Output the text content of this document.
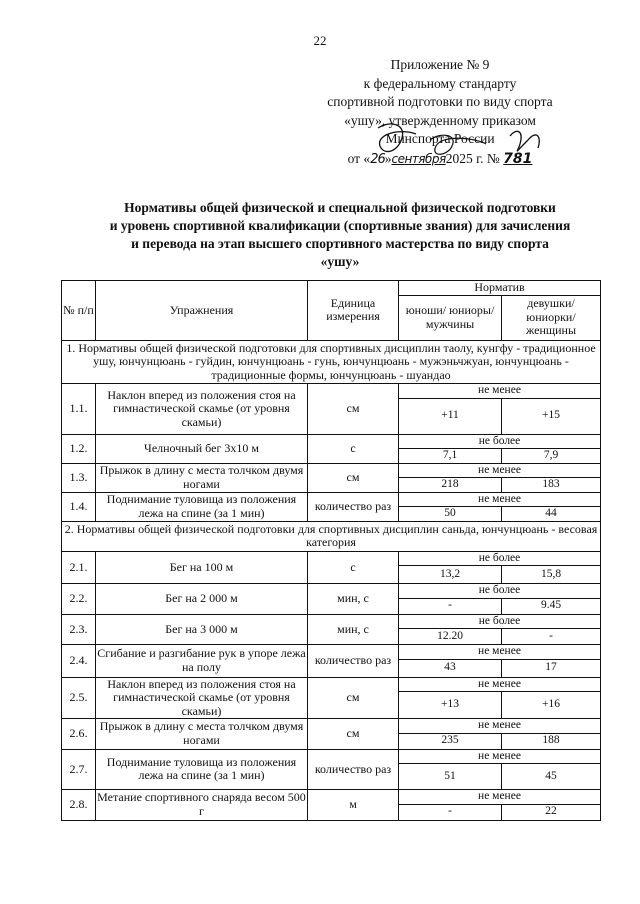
22
Приложение № 9
к федеральному стандарту
спортивной подготовки по виду спорта
«ушу», утвержденному приказом
Минспорта России
от «26»сентября2025 г. № 781
Нормативы общей физической и специальной физической подготовки
и уровень спортивной квалификации (спортивные звания) для зачисления
и перевода на этап высшего спортивного мастерства по виду спорта
«ушу»
№ п/п	Упражнения	Единица измерения	Норматив	
			юноши/ юниоры/ мужчины	девушки/ юниорки/ женщины
1. Нормативы общей физической подготовки для спортивных дисциплин таолу, кунгфу - традиционное ушу, юнчунцюань - гуйдин, юнчунцюань - гунь, юнчунцюань - мужэньчжуан, юнчунцюань - традиционные формы, юнчунцюань - шуандао				
1.1.	Наклон вперед из положения стоя на гимнастической скамье (от уровня скамьи)	см	не менее	
			+11	+15
1.2.	Челночный бег 3х10 м	с	не более	
			7,1	7,9
1.3.	Прыжок в длину с места толчком двумя ногами	см	не менее	
			218	183
1.4.	Поднимание туловища из положения лежа на спине (за 1 мин)	количество раз	не менее	
			50	44
2. Нормативы общей физической подготовки для спортивных дисциплин саньда, юнчунцюань - весовая категория				
2.1.	Бег на 100 м	с	не более	
			13,2	15,8
2.2.	Бег на 2 000 м	мин, с	не более	
			-	9.45
2.3.	Бег на 3 000 м	мин, с	не более	
			12.20	-
2.4.	Сгибание и разгибание рук в упоре лежа на полу	количество раз	не менее	
			43	17
2.5.	Наклон вперед из положения стоя на гимнастической скамье (от уровня скамьи)	см	не менее	
			+13	+16
2.6.	Прыжок в длину с места толчком двумя ногами	см	не менее	
			235	188
2.7.	Поднимание туловища из положения лежа на спине (за 1 мин)	количество раз	не менее	
			51	45
2.8.	Метание спортивного снаряда весом 500 г	м	не менее	
			-	22
